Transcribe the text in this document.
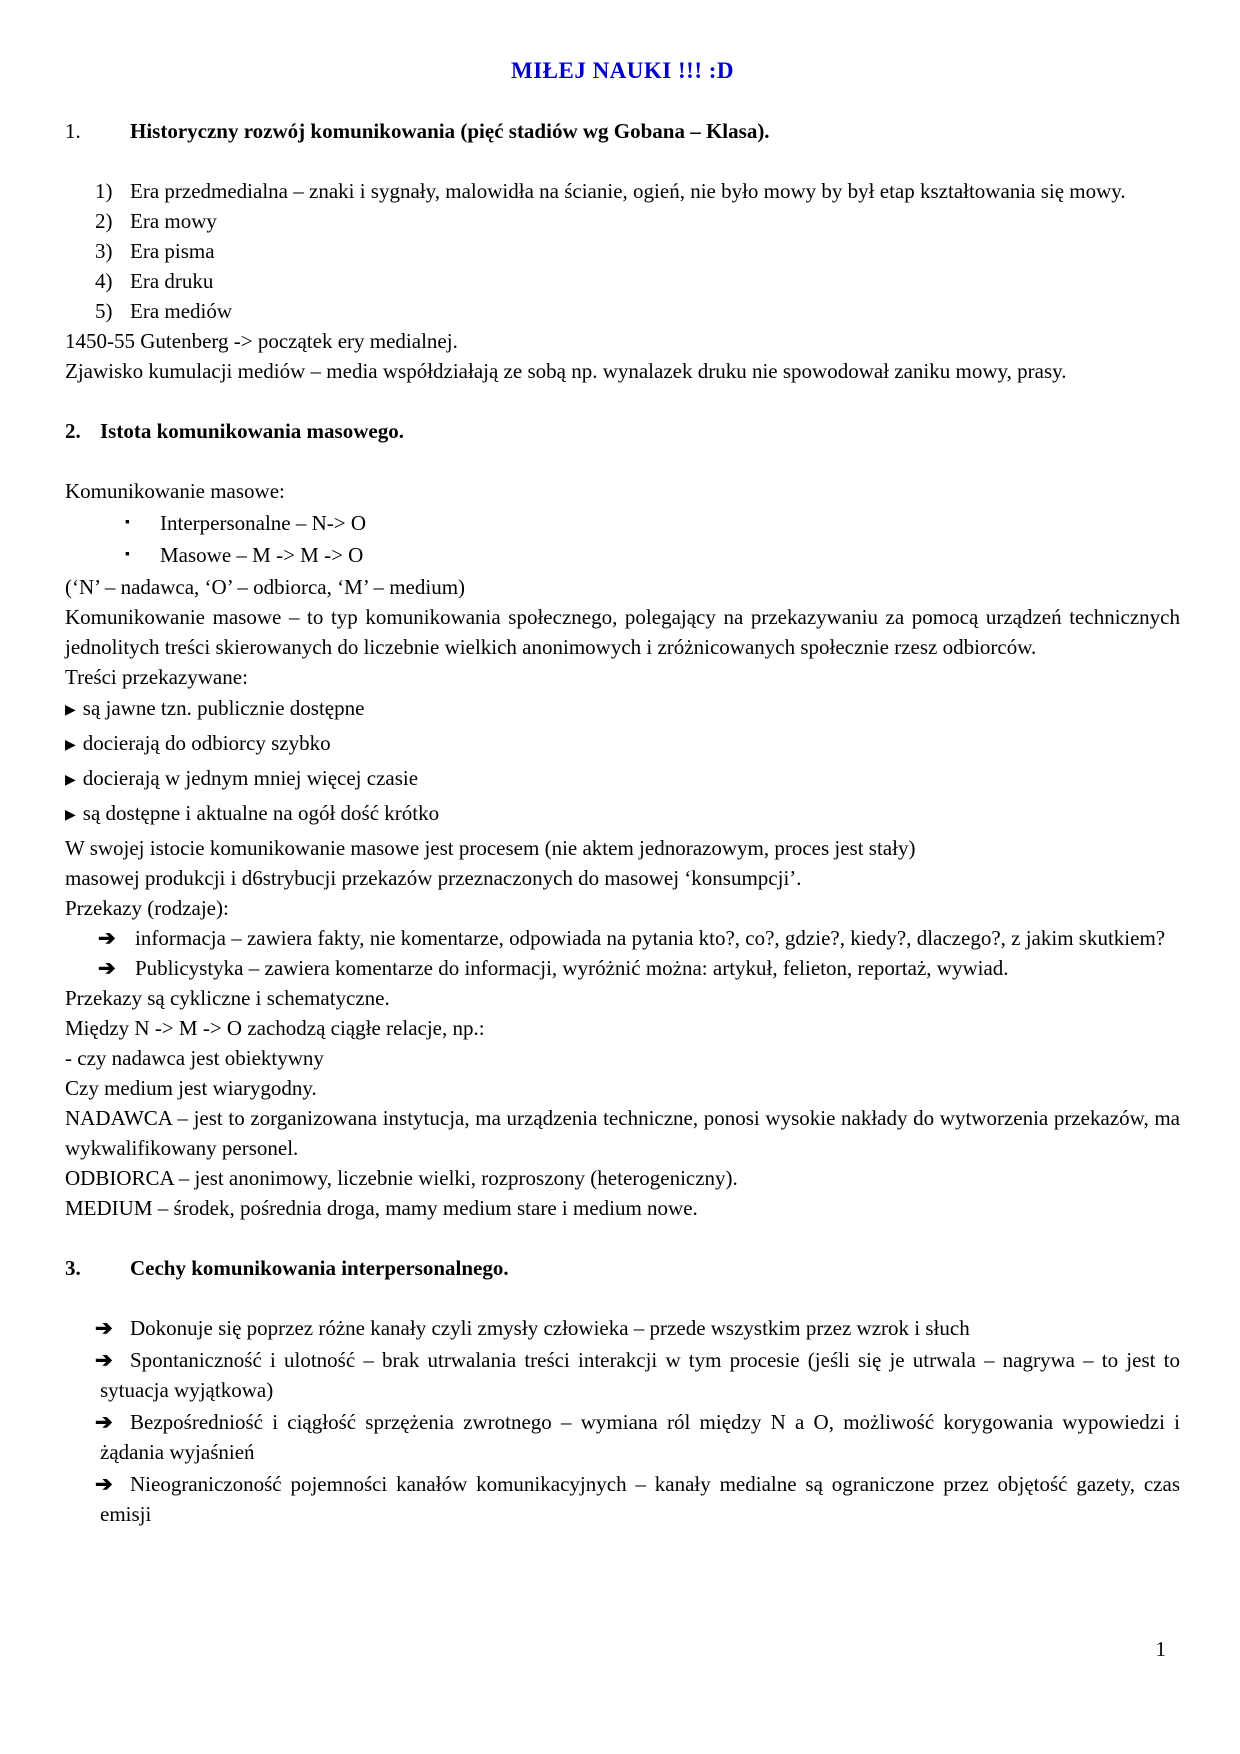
MIŁEJ NAUKI !!! :D
1. Historyczny rozwój komunikowania (pięć stadiów wg Gobana – Klasa).
1) Era przedmedialna – znaki i sygnały, malowidła na ścianie, ogień, nie było mowy by był etap kształtowania się mowy.
2) Era mowy
3) Era pisma
4) Era druku
5) Era mediów
1450-55 Gutenberg -> początek ery medialnej.
Zjawisko kumulacji mediów – media współdziałają ze sobą np. wynalazek druku nie spowodował zaniku mowy, prasy.
2. Istota komunikowania masowego.
Komunikowanie masowe:
▪ Interpersonalne – N-> O
▪ Masowe – M -> M -> O
(‘N’ – nadawca, ‘O’ – odbiorca, ‘M’ – medium)
Komunikowanie masowe – to typ komunikowania społecznego, polegający na przekazywaniu za pomocą urządzeń technicznych jednolitych treści skierowanych do liczebnie wielkich anonimowych i zróżnicowanych społecznie rzesz odbiorców.
Treści przekazywane:
▶ są jawne tzn. publicznie dostępne
▶ docierają do odbiorcy szybko
▶ docierają w jednym mniej więcej czasie
▶ są dostępne i aktualne na ogół dość krótko
W swojej istocie komunikowanie masowe jest procesem (nie aktem jednorazowym, proces jest stały)
masowej produkcji i d6strybucji przekazów przeznaczonych do masowej ‘konsumpcji’.
Przekazy (rodzaje):
➔ informacja – zawiera fakty, nie komentarze, odpowiada na pytania kto?, co?, gdzie?, kiedy?, dlaczego?, z jakim skutkiem?
➔ Publicystyka – zawiera komentarze do informacji, wyróżnić można: artykuł, felieton, reportaż, wywiad.
Przekazy są cykliczne i schematyczne.
Między N -> M -> O zachodzą ciągłe relacje, np.:
- czy nadawca jest obiektywny
Czy medium jest wiarygodny.
NADAWCA – jest to zorganizowana instytucja, ma urządzenia techniczne, ponosi wysokie nakłady do wytworzenia przekazów, ma wykwalifikowany personel.
ODBIORCA – jest anonimowy, liczebnie wielki, rozproszony (heterogeniczny).
MEDIUM – środek, pośrednia droga, mamy medium stare i medium nowe.
3. Cechy komunikowania interpersonalnego.
➔ Dokonuje się poprzez różne kanały czyli zmysły człowieka – przede wszystkim przez wzrok i słuch
➔ Spontaniczność i ulotność – brak utrwalania treści interakcji w tym procesie (jeśli się je utrwala – nagrywa – to jest to sytuacja wyjątkowa)
➔ Bezpośredniość i ciągłość sprzężenia zwrotnego – wymiana ról między N a O, możliwość korygowania wypowiedzi i żądania wyjaśnień
➔ Nieograniczoność pojemności kanałów komunikacyjnych – kanały medialne są ograniczone przez objętość gazety, czas emisji
1
